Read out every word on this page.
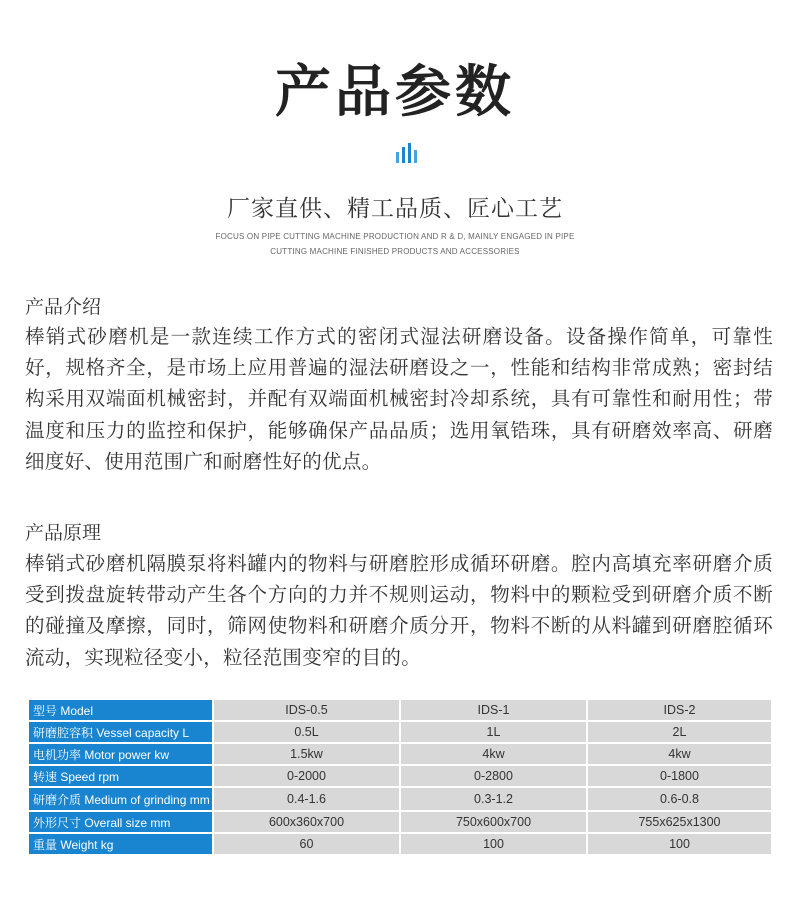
产品参数
厂家直供、精工品质、匠心工艺
FOCUS ON PIPE CUTTING MACHINE PRODUCTION AND R & D, MAINLY ENGAGED IN PIPE
CUTTING MACHINE FINISHED PRODUCTS AND ACCESSORIES
产品介绍
棒销式砂磨机是一款连续工作方式的密闭式湿法研磨设备。设备操作简单，可靠性好，规格齐全，是市场上应用普遍的湿法研磨设之一，性能和结构非常成熟；密封结构采用双端面机械密封，并配有双端面机械密封冷却系统，具有可靠性和耐用性；带温度和压力的监控和保护，能够确保产品品质；选用氧锆珠，具有研磨效率高、研磨细度好、使用范围广和耐磨性好的优点。
产品原理
棒销式砂磨机隔膜泵将料罐内的物料与研磨腔形成循环研磨。腔内高填充率研磨介质受到拨盘旋转带动产生各个方向的力并不规则运动，物料中的颗粒受到研磨介质不断的碰撞及摩擦，同时，筛网使物料和研磨介质分开，物料不断的从料罐到研磨腔循环流动，实现粒径变小，粒径范围变窄的目的。
型号 Model	IDS-0.5	IDS-1	IDS-2
研磨腔容积 Vessel capacity L	0.5L	1L	2L
电机功率 Motor power kw	1.5kw	4kw	4kw
转速 Speed rpm	0-2000	0-2800	0-1800
研磨介质 Medium of grinding mm	0.4-1.6	0.3-1.2	0.6-0.8
外形尺寸 Overall size mm	600x360x700	750x600x700	755x625x1300
重量 Weight kg	60	100	100
